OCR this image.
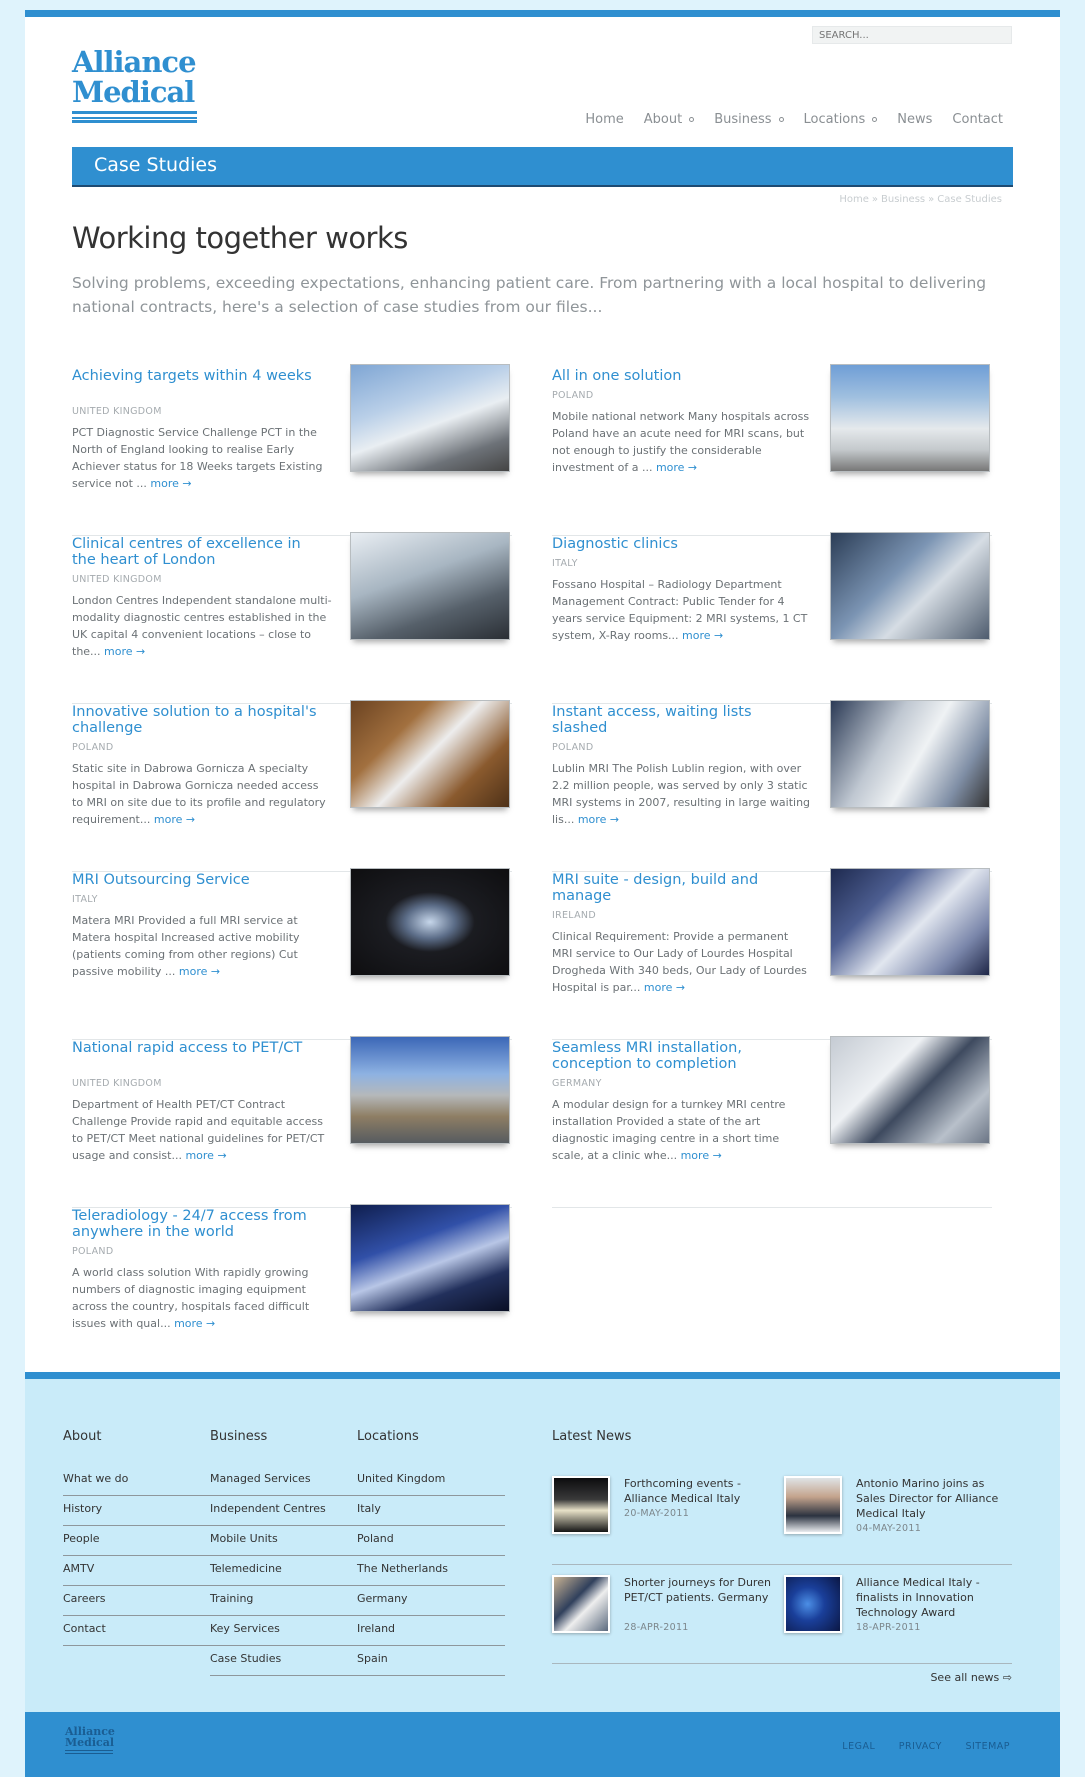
Alliance
Medical
SEARCH...
Home About Business Locations News Contact
Case Studies
Home » Business » Case Studies
Working together works

Solving problems, exceeding expectations, enhancing patient care. From partnering with a local hospital to delivering national contracts, here's a selection of case studies from our files...

Achieving targets within 4 weeks
UNITED KINGDOM
PCT Diagnostic Service Challenge PCT in the North of England looking to realise Early Achiever status for 18 Weeks targets Existing service not ... more →
All in one solution
POLAND
Mobile national network Many hospitals across Poland have an acute need for MRI scans, but not enough to justify the considerable investment of a ... more →
Clinical centres of excellence in the heart of London
UNITED KINGDOM
London Centres Independent standalone multi-modality diagnostic centres established in the UK capital 4 convenient locations – close to the... more →
Diagnostic clinics
ITALY
Fossano Hospital – Radiology Department Management Contract: Public Tender for 4 years service Equipment: 2 MRI systems, 1 CT system, X-Ray rooms... more →
Innovative solution to a hospital's challenge
POLAND
Static site in Dabrowa Gornicza A specialty hospital in Dabrowa Gornicza needed access to MRI on site due to its profile and regulatory requirement... more →
Instant access, waiting lists slashed
POLAND
Lublin MRI The Polish Lublin region, with over 2.2 million people, was served by only 3 static MRI systems in 2007, resulting in large waiting lis... more →
MRI Outsourcing Service
ITALY
Matera MRI Provided a full MRI service at Matera hospital Increased active mobility (patients coming from other regions) Cut passive mobility ... more →
MRI suite - design, build and manage
IRELAND
Clinical Requirement: Provide a permanent MRI service to Our Lady of Lourdes Hospital Drogheda With 340 beds, Our Lady of Lourdes Hospital is par... more →
National rapid access to PET/CT
UNITED KINGDOM
Department of Health PET/CT Contract Challenge Provide rapid and equitable access to PET/CT Meet national guidelines for PET/CT usage and consist... more →
Seamless MRI installation, conception to completion
GERMANY
A modular design for a turnkey MRI centre installation Provided a state of the art diagnostic imaging centre in a short time scale, at a clinic whe... more →
Teleradiology - 24/7 access from anywhere in the world
POLAND
A world class solution With rapidly growing numbers of diagnostic imaging equipment across the country, hospitals faced difficult issues with qual... more →
About
What we do
History
People
AMTV
Careers
Contact
Business
Managed Services
Independent Centres
Mobile Units
Telemedicine
Training
Key Services
Case Studies
Locations
United Kingdom
Italy
Poland
The Netherlands
Germany
Ireland
Spain
Latest News
Forthcoming events - Alliance Medical Italy
20-MAY-2011
Antonio Marino joins as Sales Director for Alliance Medical Italy
04-MAY-2011
Shorter journeys for Duren PET/CT patients. Germany
28-APR-2011
Alliance Medical Italy - finalists in Innovation Technology Award
18-APR-2011
See all news ⇨
Alliance
Medical	LEGAL PRIVACY SITEMAP
